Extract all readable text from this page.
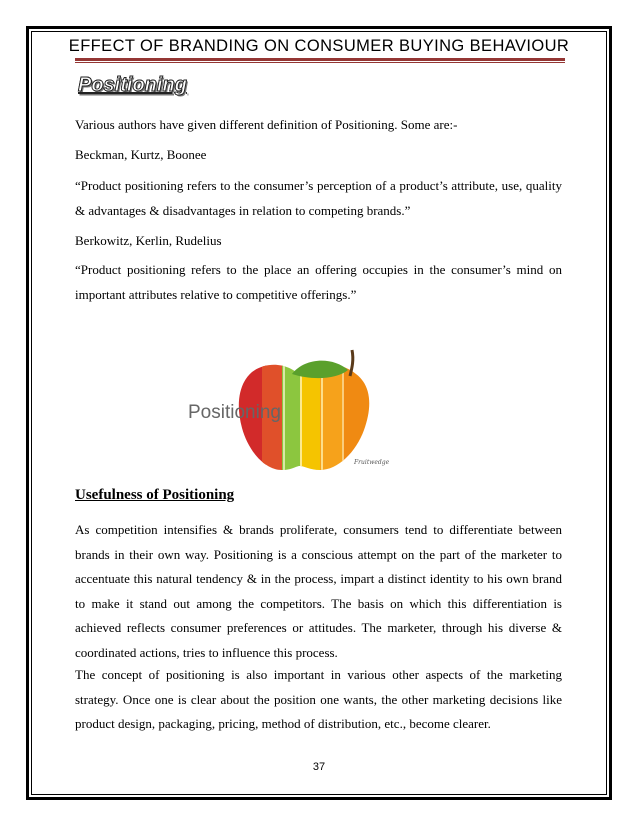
EFFECT OF BRANDING ON CONSUMER BUYING BEHAVIOUR
Positioning

Various authors have given different definition of Positioning. Some are:-

Beckman, Kurtz, Boonee

“Product positioning refers to the consumer’s perception of a product’s attribute, use, quality & advantages & disadvantages in relation to competing brands.”

Berkowitz, Kerlin, Rudelius

“Product positioning refers to the place an offering occupies in the consumer’s mind on important attributes relative to competitive offerings.”

Positioning
Fruitwedge
Usefulness of Positioning

As competition intensifies & brands proliferate, consumers tend to differentiate between brands in their own way. Positioning is a conscious attempt on the part of the marketer to accentuate this natural tendency & in the process, impart a distinct identity to his own brand to make it stand out among the competitors. The basis on which this differentiation is achieved reflects consumer preferences or attitudes. The marketer, through his diverse & coordinated actions, tries to influence this process.

The concept of positioning is also important in various other aspects of the marketing strategy. Once one is clear about the position one wants, the other marketing decisions like product design, packaging, pricing, method of distribution, etc., become clearer.

37
